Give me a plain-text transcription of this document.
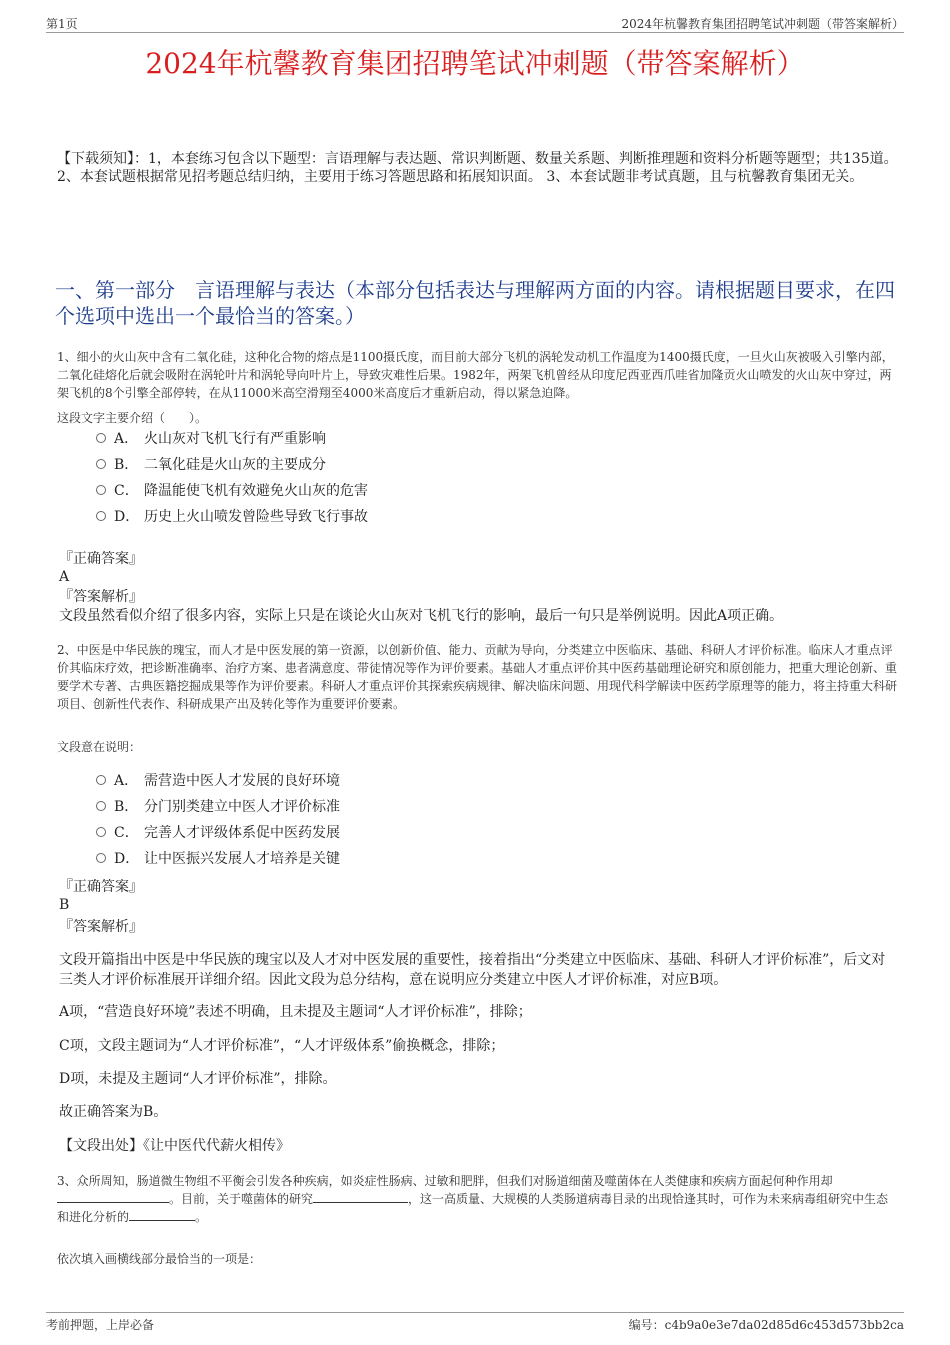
第1页	2024年杭馨教育集团招聘笔试冲刺题（带答案解析）
2024年杭馨教育集团招聘笔试冲刺题（带答案解析）
【下载须知】：1，本套练习包含以下题型：言语理解与表达题、常识判断题、数量关系题、判断推理题和资料分析题等题型；共135道。 2、本套试题根据常见招考题总结归纳，主要用于练习答题思路和拓展知识面。 3、本套试题非考试真题，且与杭馨教育集团无关。
一、第一部分　言语理解与表达（本部分包括表达与理解两方面的内容。请根据题目要求，在四个选项中选出一个最恰当的答案。）
1、细小的火山灰中含有二氧化硅，这种化合物的熔点是1100摄氏度，而目前大部分飞机的涡轮发动机工作温度为1400摄氏度，一旦火山灰被吸入引擎内部，二氧化硅熔化后就会吸附在涡轮叶片和涡轮导向叶片上，导致灾难性后果。1982年，两架飞机曾经从印度尼西亚西爪哇省加隆贡火山喷发的火山灰中穿过，两架飞机的8个引擎全部停转，在从11000米高空滑翔至4000米高度后才重新启动，得以紧急迫降。
这段文字主要介绍（　　）。
A． 火山灰对飞机飞行有严重影响
B． 二氧化硅是火山灰的主要成分
C． 降温能使飞机有效避免火山灰的危害
D． 历史上火山喷发曾险些导致飞行事故
『正确答案』
A
『答案解析』
文段虽然看似介绍了很多内容，实际上只是在谈论火山灰对飞机飞行的影响，最后一句只是举例说明。因此A项正确。
2、中医是中华民族的瑰宝，而人才是中医发展的第一资源，以创新价值、能力、贡献为导向，分类建立中医临床、基础、科研人才评价标准。临床人才重点评价其临床疗效，把诊断准确率、治疗方案、患者满意度、带徒情况等作为评价要素。基础人才重点评价其中医药基础理论研究和原创能力，把重大理论创新、重要学术专著、古典医籍挖掘成果等作为评价要素。科研人才重点评价其探索疾病规律、解决临床问题、用现代科学解读中医药学原理等的能力，将主持重大科研项目、创新性代表作、科研成果产出及转化等作为重要评价要素。
文段意在说明：
A． 需营造中医人才发展的良好环境
B． 分门别类建立中医人才评价标准
C． 完善人才评级体系促中医药发展
D． 让中医振兴发展人才培养是关键
『正确答案』
B
『答案解析』
文段开篇指出中医是中华民族的瑰宝以及人才对中医发展的重要性，接着指出“分类建立中医临床、基础、科研人才评价标准”，后文对三类人才评价标准展开详细介绍。因此文段为总分结构，意在说明应分类建立中医人才评价标准，对应B项。
A项，“营造良好环境”表述不明确，且未提及主题词“人才评价标准”，排除；
C项，文段主题词为“人才评价标准”，“人才评级体系”偷换概念，排除；
D项，未提及主题词“人才评价标准”，排除。
故正确答案为B。
【文段出处】《让中医代代薪火相传》
3、众所周知，肠道微生物组不平衡会引发各种疾病，如炎症性肠病、过敏和肥胖，但我们对肠道细菌及噬菌体在人类健康和疾病方面起何种作用却。目前，关于噬菌体的研究	，这一高质量、大规模的人类肠道病毒目录的出现恰逢其时，可作为未来病毒组研究中生态和进化分析的	。
依次填入画横线部分最恰当的一项是：
考前押题，上岸必备	编号：c4b9a0e3e7da02d85d6c453d573bb2ca
